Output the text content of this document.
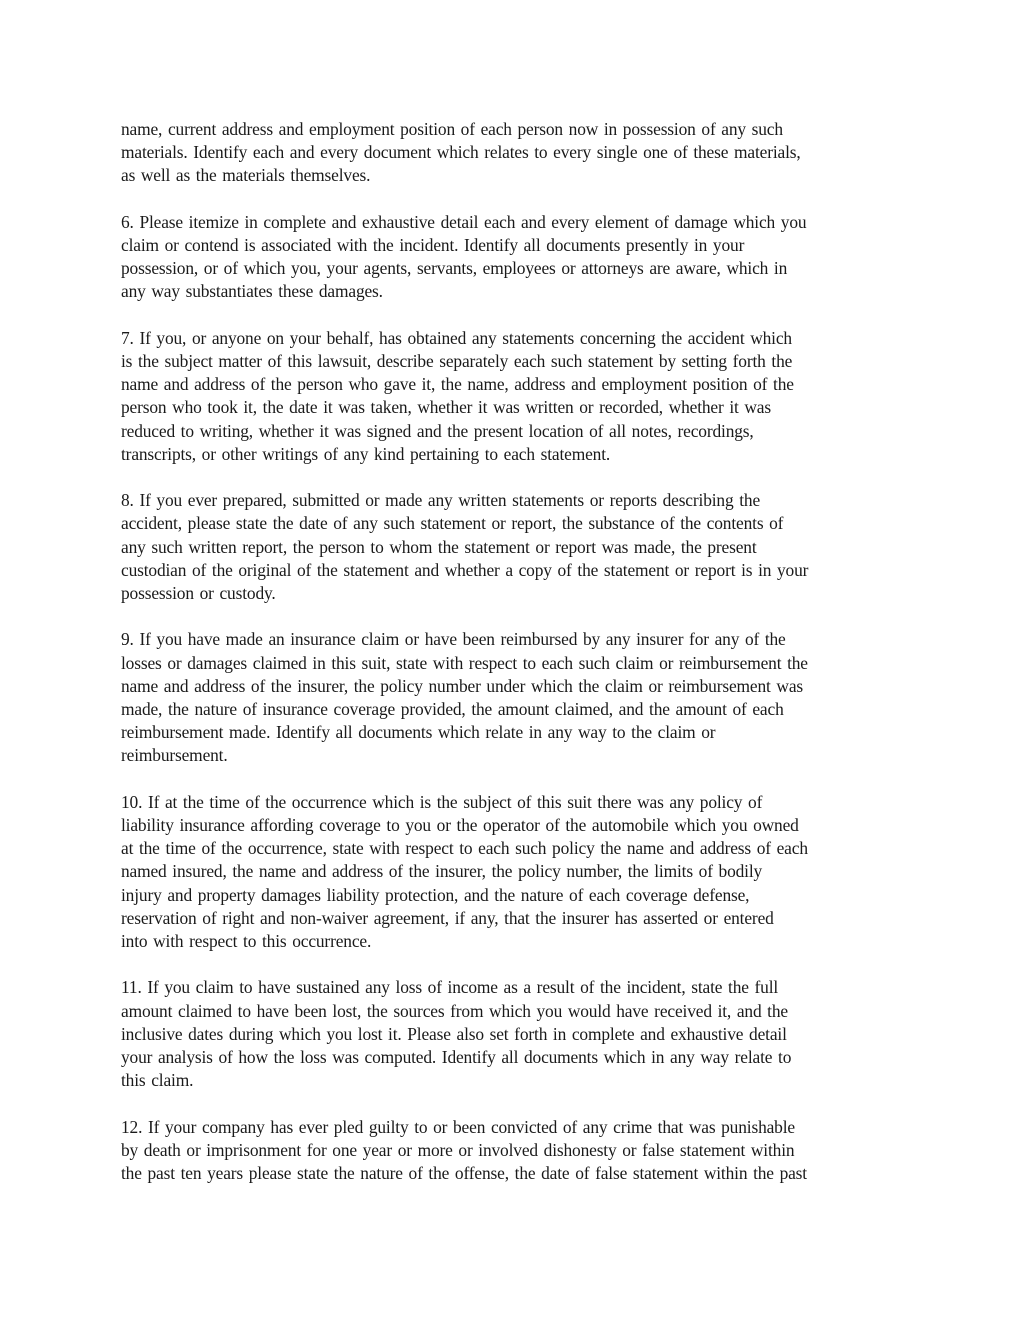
name, current address and employment position of each person now in possession of any such
materials. Identify each and every document which relates to every single one of these materials,
as well as the materials themselves.

6. Please itemize in complete and exhaustive detail each and every element of damage which you
claim or contend is associated with the incident. Identify all documents presently in your
possession, or of which you, your agents, servants, employees or attorneys are aware, which in
any way substantiates these damages.

7. If you, or anyone on your behalf, has obtained any statements concerning the accident which
is the subject matter of this lawsuit, describe separately each such statement by setting forth the
name and address of the person who gave it, the name, address and employment position of the
person who took it, the date it was taken, whether it was written or recorded, whether it was
reduced to writing, whether it was signed and the present location of all notes, recordings,
transcripts, or other writings of any kind pertaining to each statement.

8. If you ever prepared, submitted or made any written statements or reports describing the
accident, please state the date of any such statement or report, the substance of the contents of
any such written report, the person to whom the statement or report was made, the present
custodian of the original of the statement and whether a copy of the statement or report is in your
possession or custody.

9. If you have made an insurance claim or have been reimbursed by any insurer for any of the
losses or damages claimed in this suit, state with respect to each such claim or reimbursement the
name and address of the insurer, the policy number under which the claim or reimbursement was
made, the nature of insurance coverage provided, the amount claimed, and the amount of each
reimbursement made. Identify all documents which relate in any way to the claim or
reimbursement.

10. If at the time of the occurrence which is the subject of this suit there was any policy of
liability insurance affording coverage to you or the operator of the automobile which you owned
at the time of the occurrence, state with respect to each such policy the name and address of each
named insured, the name and address of the insurer, the policy number, the limits of bodily
injury and property damages liability protection, and the nature of each coverage defense,
reservation of right and non-waiver agreement, if any, that the insurer has asserted or entered
into with respect to this occurrence.

11. If you claim to have sustained any loss of income as a result of the incident, state the full
amount claimed to have been lost, the sources from which you would have received it, and the
inclusive dates during which you lost it. Please also set forth in complete and exhaustive detail
your analysis of how the loss was computed. Identify all documents which in any way relate to
this claim.

12. If your company has ever pled guilty to or been convicted of any crime that was punishable
by death or imprisonment for one year or more or involved dishonesty or false statement within
the past ten years please state the nature of the offense, the date of false statement within the past
